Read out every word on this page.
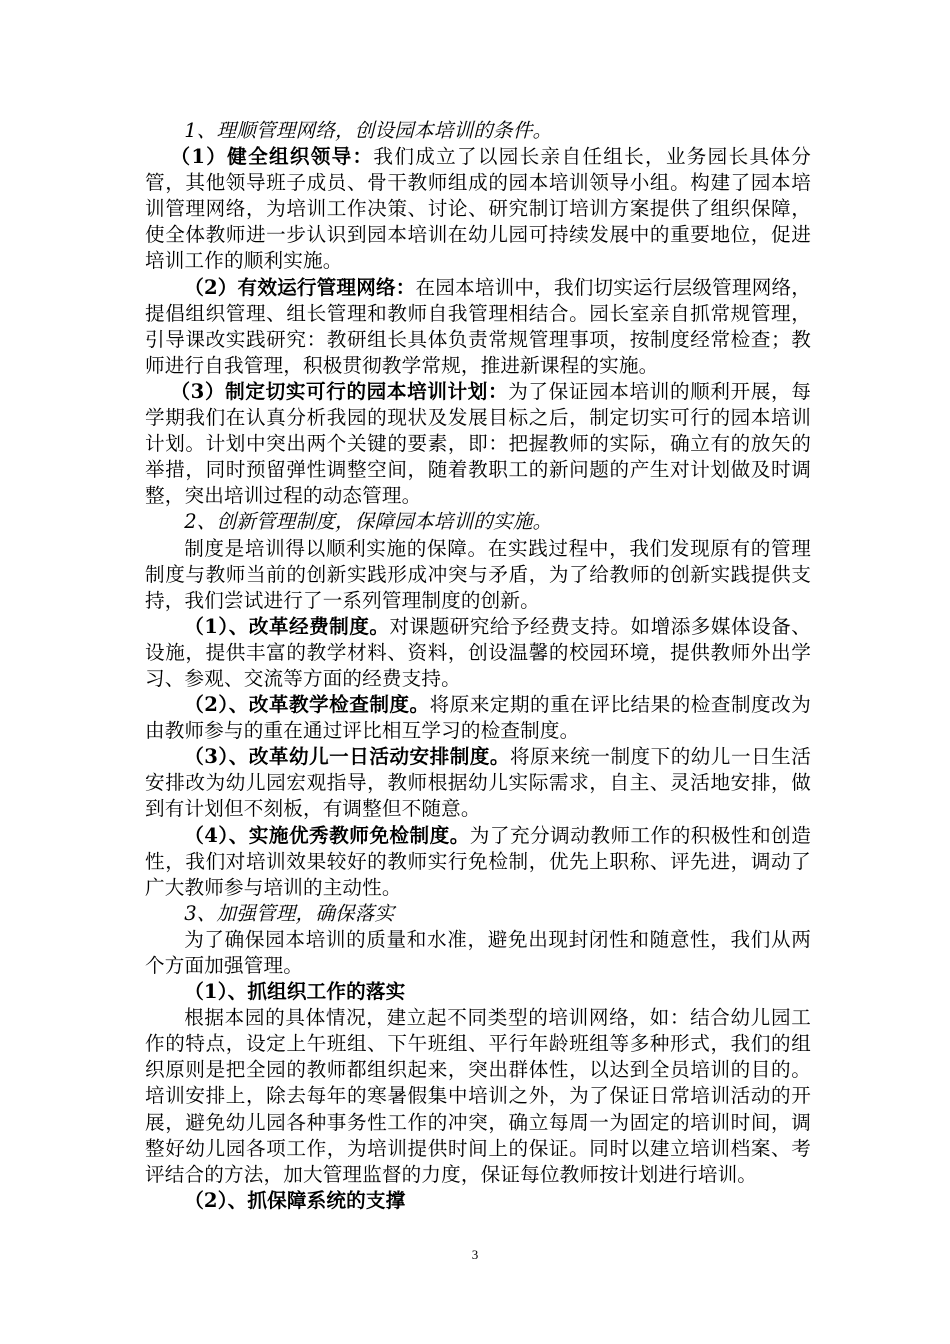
1、理顺管理网络，创设园本培训的条件。

（1）健全组织领导：我们成立了以园长亲自任组长，业务园长具体分管，其他领导班子成员、骨干教师组成的园本培训领导小组。构建了园本培训管理网络，为培训工作决策、讨论、研究制订培训方案提供了组织保障，使全体教师进一步认识到园本培训在幼儿园可持续发展中的重要地位，促进培训工作的顺利实施。

（2）有效运行管理网络：在园本培训中，我们切实运行层级管理网络，提倡组织管理、组长管理和教师自我管理相结合。园长室亲自抓常规管理，引导课改实践研究：教研组长具体负责常规管理事项，按制度经常检查；教师进行自我管理，积极贯彻教学常规，推进新课程的实施。

（3）制定切实可行的园本培训计划：为了保证园本培训的顺利开展，每学期我们在认真分析我园的现状及发展目标之后，制定切实可行的园本培训计划。计划中突出两个关键的要素，即：把握教师的实际，确立有的放矢的举措，同时预留弹性调整空间，随着教职工的新问题的产生对计划做及时调整，突出培训过程的动态管理。

2、创新管理制度，保障园本培训的实施。

制度是培训得以顺利实施的保障。在实践过程中，我们发现原有的管理制度与教师当前的创新实践形成冲突与矛盾，为了给教师的创新实践提供支持，我们尝试进行了一系列管理制度的创新。

（1）、改革经费制度。对课题研究给予经费支持。如增添多媒体设备、设施，提供丰富的教学材料、资料，创设温馨的校园环境，提供教师外出学习、参观、交流等方面的经费支持。

（2）、改革教学检查制度。将原来定期的重在评比结果的检查制度改为由教师参与的重在通过评比相互学习的检查制度。

（3）、改革幼儿一日活动安排制度。将原来统一制度下的幼儿一日生活安排改为幼儿园宏观指导，教师根据幼儿实际需求，自主、灵活地安排，做到有计划但不刻板，有调整但不随意。

（4）、实施优秀教师免检制度。为了充分调动教师工作的积极性和创造性，我们对培训效果较好的教师实行免检制，优先上职称、评先进，调动了广大教师参与培训的主动性。

3、加强管理，确保落实

为了确保园本培训的质量和水准，避免出现封闭性和随意性，我们从两个方面加强管理。

（1）、抓组织工作的落实

根据本园的具体情况，建立起不同类型的培训网络，如：结合幼儿园工作的特点，设定上午班组、下午班组、平行年龄班组等多种形式，我们的组织原则是把全园的教师都组织起来，突出群体性，以达到全员培训的目的。培训安排上，除去每年的寒暑假集中培训之外，为了保证日常培训活动的开展，避免幼儿园各种事务性工作的冲突，确立每周一为固定的培训时间，调整好幼儿园各项工作，为培训提供时间上的保证。同时以建立培训档案、考评结合的方法，加大管理监督的力度，保证每位教师按计划进行培训。

（2）、抓保障系统的支撑

3
